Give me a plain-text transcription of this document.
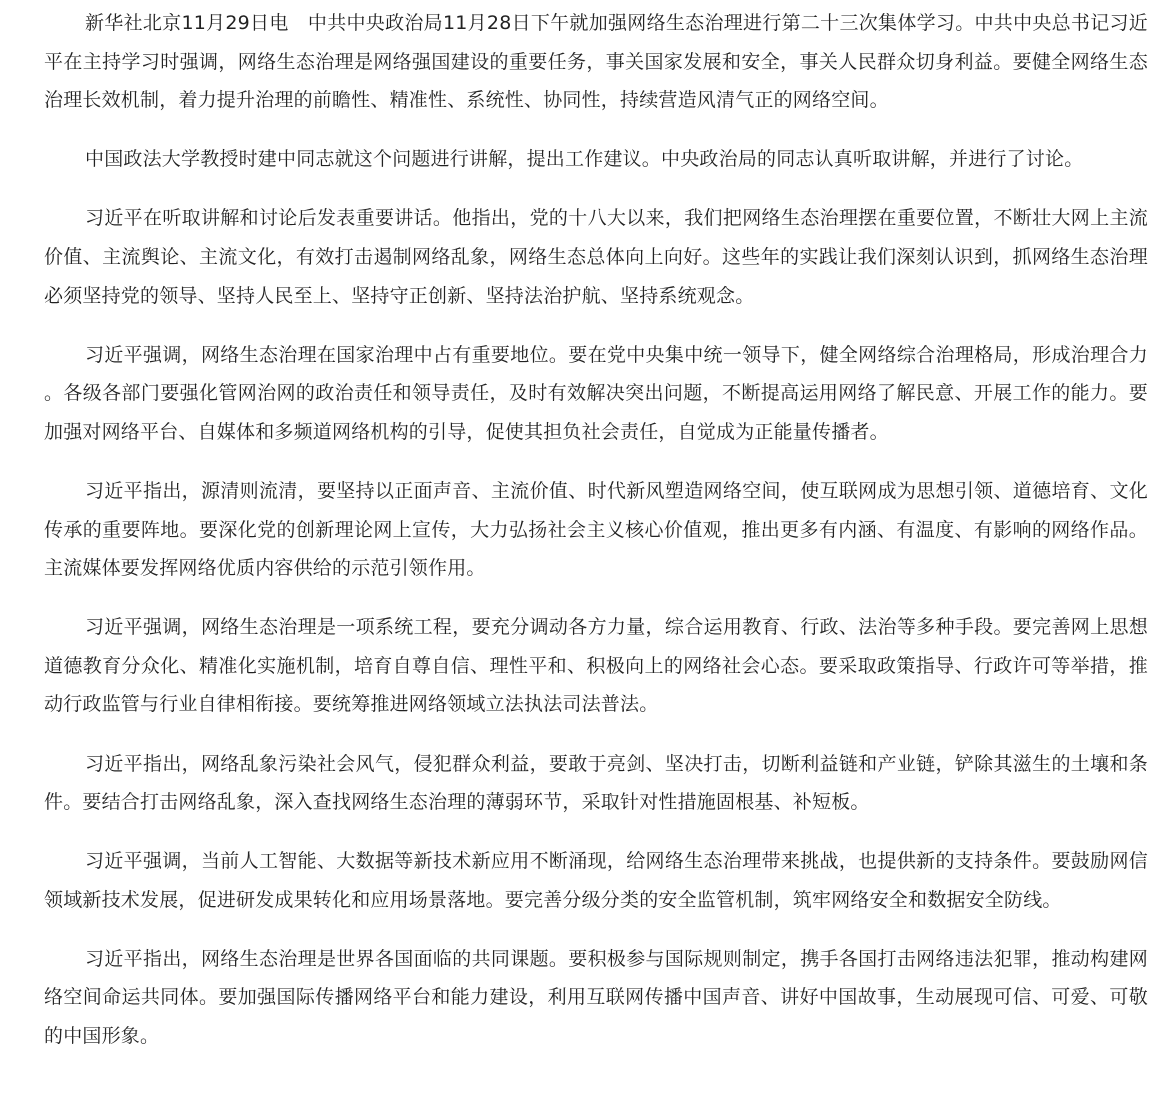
新华社北京11月29日电　中共中央政治局11月28日下午就加强网络生态治理进行第二十三次集体学习。中共中央总书记习近平在主持学习时强调，网络生态治理是网络强国建设的重要任务，事关国家发展和安全，事关人民群众切身利益。要健全网络生态治理长效机制，着力提升治理的前瞻性、精准性、系统性、协同性，持续营造风清气正的网络空间。

中国政法大学教授时建中同志就这个问题进行讲解，提出工作建议。中央政治局的同志认真听取讲解，并进行了讨论。

习近平在听取讲解和讨论后发表重要讲话。他指出，党的十八大以来，我们把网络生态治理摆在重要位置，不断壮大网上主流价值、主流舆论、主流文化，有效打击遏制网络乱象，网络生态总体向上向好。这些年的实践让我们深刻认识到，抓网络生态治理必须坚持党的领导、坚持人民至上、坚持守正创新、坚持法治护航、坚持系统观念。

习近平强调，网络生态治理在国家治理中占有重要地位。要在党中央集中统一领导下，健全网络综合治理格局，形成治理合力。各级各部门要强化管网治网的政治责任和领导责任，及时有效解决突出问题，不断提高运用网络了解民意、开展工作的能力。要加强对网络平台、自媒体和多频道网络机构的引导，促使其担负社会责任，自觉成为正能量传播者。

习近平指出，源清则流清，要坚持以正面声音、主流价值、时代新风塑造网络空间，使互联网成为思想引领、道德培育、文化传承的重要阵地。要深化党的创新理论网上宣传，大力弘扬社会主义核心价值观，推出更多有内涵、有温度、有影响的网络作品。主流媒体要发挥网络优质内容供给的示范引领作用。

习近平强调，网络生态治理是一项系统工程，要充分调动各方力量，综合运用教育、行政、法治等多种手段。要完善网上思想道德教育分众化、精准化实施机制，培育自尊自信、理性平和、积极向上的网络社会心态。要采取政策指导、行政许可等举措，推动行政监管与行业自律相衔接。要统筹推进网络领域立法执法司法普法。

习近平指出，网络乱象污染社会风气，侵犯群众利益，要敢于亮剑、坚决打击，切断利益链和产业链，铲除其滋生的土壤和条件。要结合打击网络乱象，深入查找网络生态治理的薄弱环节，采取针对性措施固根基、补短板。

习近平强调，当前人工智能、大数据等新技术新应用不断涌现，给网络生态治理带来挑战，也提供新的支持条件。要鼓励网信领域新技术发展，促进研发成果转化和应用场景落地。要完善分级分类的安全监管机制，筑牢网络安全和数据安全防线。

习近平指出，网络生态治理是世界各国面临的共同课题。要积极参与国际规则制定，携手各国打击网络违法犯罪，推动构建网络空间命运共同体。要加强国际传播网络平台和能力建设，利用互联网传播中国声音、讲好中国故事，生动展现可信、可爱、可敬的中国形象。
